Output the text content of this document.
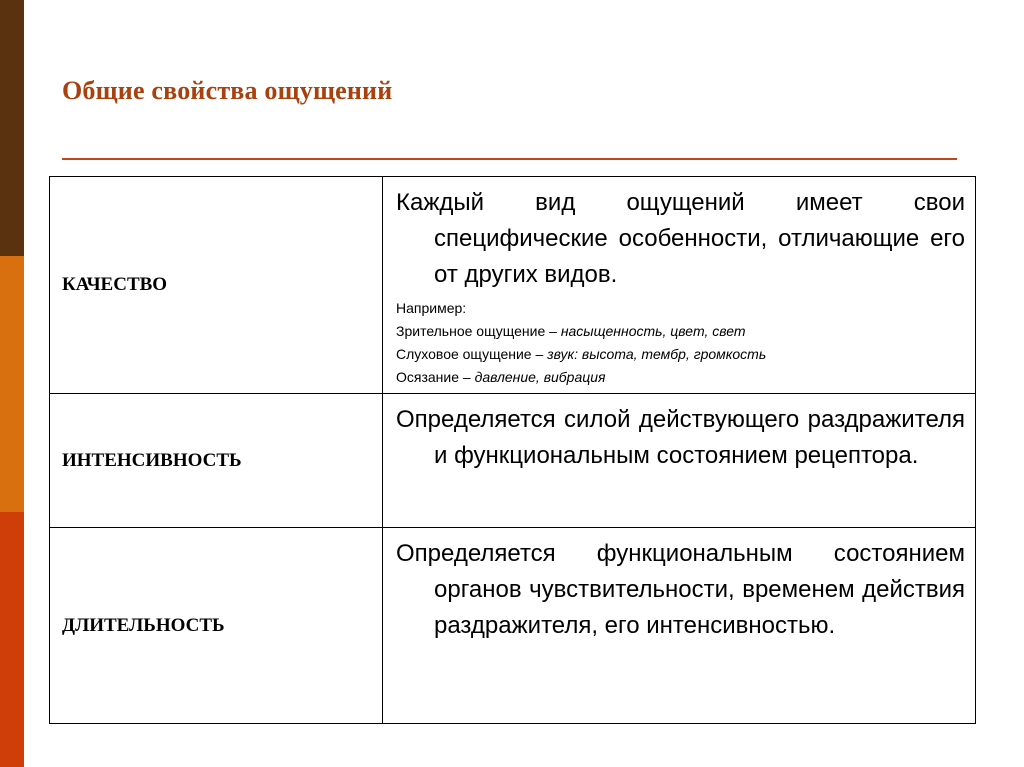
Общие свойства ощущений
КАЧЕСТВО	Каждый вид ощущений имеет свои специфические особенности, отличающие его от других видов.

Например:

Зрительное ощущение – насыщенность, цвет, свет

Слуховое ощущение – звук: высота, тембр, громкость

Осязание – давление, вибрация

ИНТЕНСИВНОСТЬ	Определяется силой действующего раздражителя и функциональным состоянием рецептора.

ДЛИТЕЛЬНОСТЬ	Определяется функциональным состоянием органов чувствительности, временем действия раздражителя, его интенсивностью.
